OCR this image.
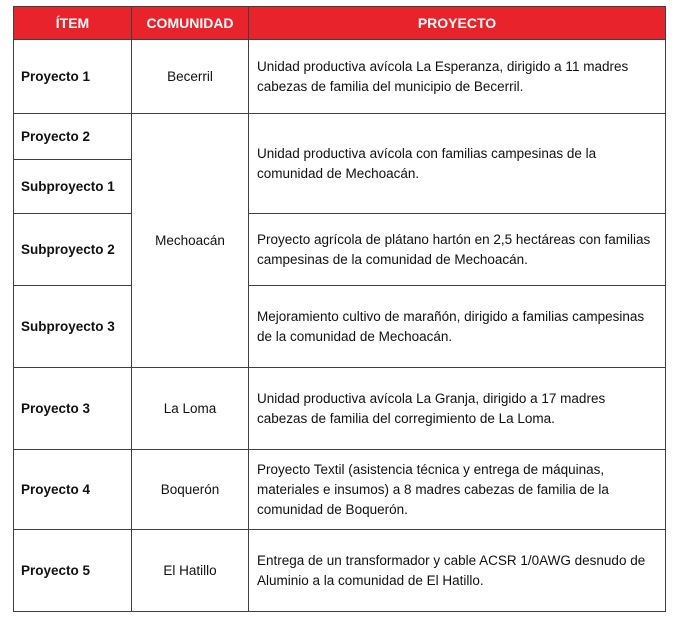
ÍTEM	COMUNIDAD	PROYECTO
Proyecto 1	Becerril	Unidad productiva avícola La Esperanza, dirigido a 11 madres cabezas de familia del municipio de Becerril.
Proyecto 2	Mechoacán	Unidad productiva avícola con familias campesinas de la comunidad de Mechoacán.
Subproyecto 1		
Subproyecto 2		Proyecto agrícola de plátano hartón en 2,5 hectáreas con familias campesinas de la comunidad de Mechoacán.
Subproyecto 3		Mejoramiento cultivo de marañón, dirigido a familias campesinas de la comunidad de Mechoacán.
Proyecto 3	La Loma	Unidad productiva avícola La Granja, dirigido a 17 madres cabezas de familia del corregimiento de La Loma.
Proyecto 4	Boquerón	Proyecto Textil (asistencia técnica y entrega de máquinas, materiales e insumos) a 8 madres cabezas de familia de la comunidad de Boquerón.
Proyecto 5	El Hatillo	Entrega de un transformador y cable ACSR 1/0AWG desnudo de Aluminio a la comunidad de El Hatillo.
